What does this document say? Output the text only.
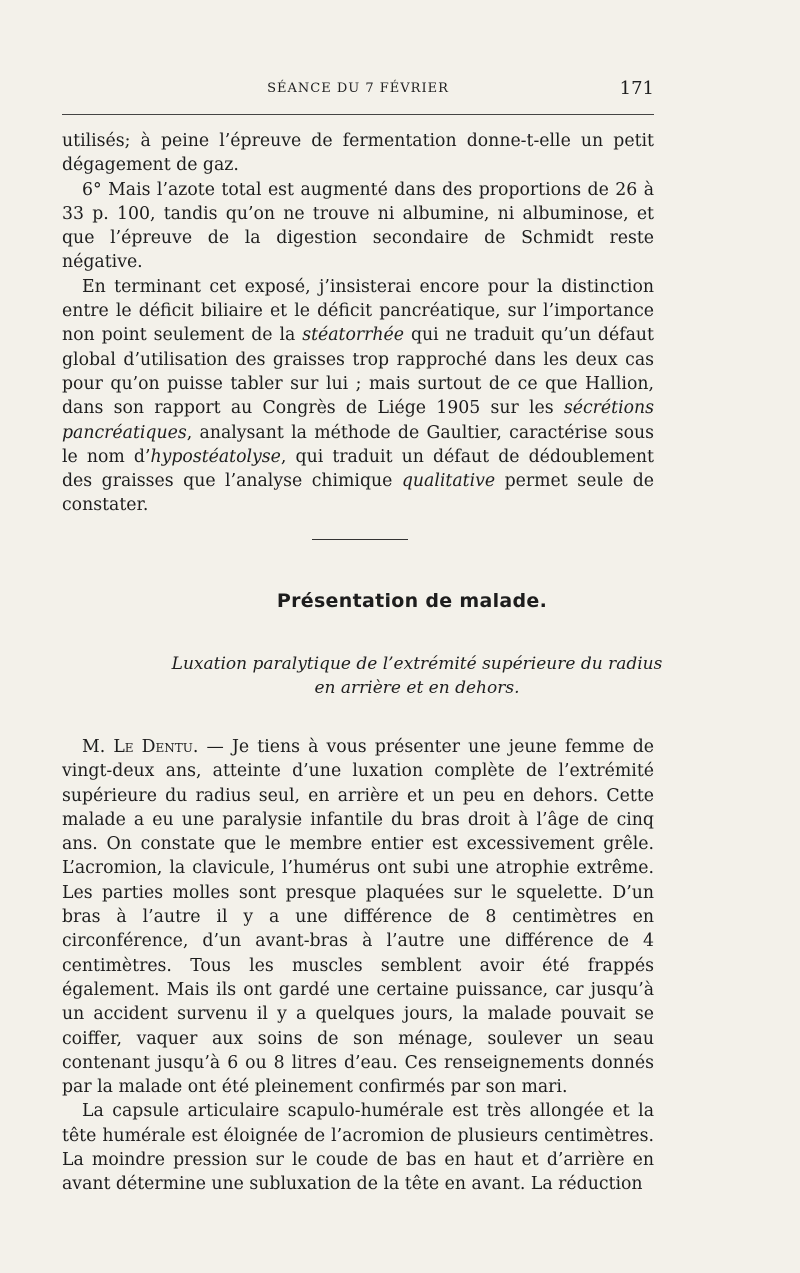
SÉANCE DU 7 FÉVRIER	171

utilisés; à peine l’épreuve de fermentation donne-t-elle un petit dégagement de gaz.

6° Mais l’azote total est augmenté dans des proportions de 26 à 33 p. 100, tandis qu’on ne trouve ni albumine, ni albuminose, et que l’épreuve de la digestion secondaire de Schmidt reste négative.

En terminant cet exposé, j’insisterai encore pour la distinction entre le déficit biliaire et le déficit pancréatique, sur l’importance non point seulement de la stéatorrhée qui ne traduit qu’un défaut global d’utilisation des graisses trop rapproché dans les deux cas pour qu’on puisse tabler sur lui ; mais surtout de ce que Hallion, dans son rapport au Congrès de Liége 1905 sur les sécrétions pancréatiques, analysant la méthode de Gaultier, caractérise sous le nom d’hypostéatolyse, qui traduit un défaut de dédoublement des graisses que l’analyse chimique qualitative permet seule de constater.

Présentation de malade.
Luxation paralytique de l’extrémité supérieure du radius
en arrière et en dehors.

M. Le Dentu. — Je tiens à vous présenter une jeune femme de vingt-deux ans, atteinte d’une luxation complète de l’extrémité supérieure du radius seul, en arrière et un peu en dehors. Cette malade a eu une paralysie infantile du bras droit à l’âge de cinq ans. On constate que le membre entier est excessivement grêle. L’acromion, la clavicule, l’humérus ont subi une atrophie extrême. Les parties molles sont presque plaquées sur le squelette. D’un bras à l’autre il y a une différence de 8 centimètres en circonférence, d’un avant-bras à l’autre une différence de 4 centimètres. Tous les muscles semblent avoir été frappés également. Mais ils ont gardé une certaine puissance, car jusqu’à un accident survenu il y a quelques jours, la malade pouvait se coiffer, vaquer aux soins de son ménage, soulever un seau contenant jusqu’à 6 ou 8 litres d’eau. Ces renseignements donnés par la malade ont été pleinement confirmés par son mari.

La capsule articulaire scapulo-humérale est très allongée et la tête humérale est éloignée de l’acromion de plusieurs centimètres. La moindre pression sur le coude de bas en haut et d’arrière en avant détermine une subluxation de la tête en avant. La réduction
